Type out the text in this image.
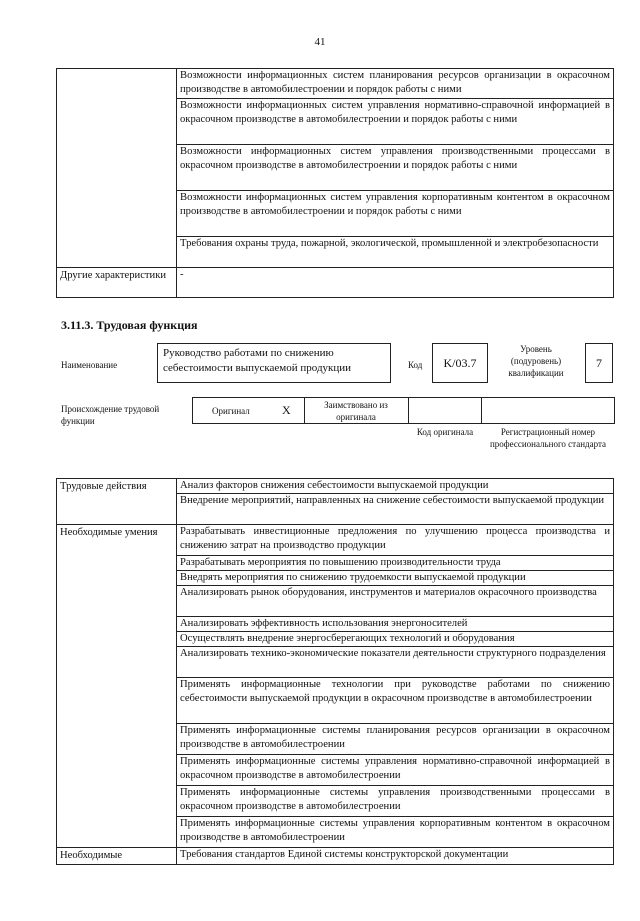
41
	Возможности информационных систем планирования ресурсов организации в окрасочном производстве в автомобилестроении и порядок работы с ними
	Возможности информационных систем управления нормативно-справочной информацией в окрасочном производстве в автомобилестроении и порядок работы с ними
	Возможности информационных систем управления производственными процессами в окрасочном производстве в автомобилестроении и порядок работы с ними
	Возможности информационных систем управления корпоративным контентом в окрасочном производстве в автомобилестроении и порядок работы с ними
	Требования охраны труда, пожарной, экологической, промышленной и электробезопасности
Другие характеристики	-
3.11.3. Трудовая функция
Наименование
Руководство работами по снижению себестоимости выпускаемой продукции	Код	K/03.7
Уровень (подуровень) квалификации
7
Происхождение трудовой функции
Оригинал	X	Заимствовано из оригинала
Код оригинала	Регистрационный номер профессионального стандарта
Трудовые действия	Анализ факторов снижения себестоимости выпускаемой продукции
	Внедрение мероприятий, направленных на снижение себестоимости выпускаемой продукции
Необходимые умения	Разрабатывать инвестиционные предложения по улучшению процесса производства и снижению затрат на производство продукции
	Разрабатывать мероприятия по повышению производительности труда
	Внедрять мероприятия по снижению трудоемкости выпускаемой продукции
	Анализировать рынок оборудования, инструментов и материалов окрасочного производства
	Анализировать эффективность использования энергоносителей
	Осуществлять внедрение энергосберегающих технологий и оборудования
	Анализировать технико-экономические показатели деятельности структурного подразделения
	Применять информационные технологии при руководстве работами по снижению себестоимости выпускаемой продукции в окрасочном производстве в автомобилестроении
	Применять информационные системы планирования ресурсов организации в окрасочном производстве в автомобилестроении
	Применять информационные системы управления нормативно-справочной информацией в окрасочном производстве в автомобилестроении
	Применять информационные системы управления производственными процессами в окрасочном производстве в автомобилестроении
	Применять информационные системы управления корпоративным контентом в окрасочном производстве в автомобилестроении
Необходимые	Требования стандартов Единой системы конструкторской документации
